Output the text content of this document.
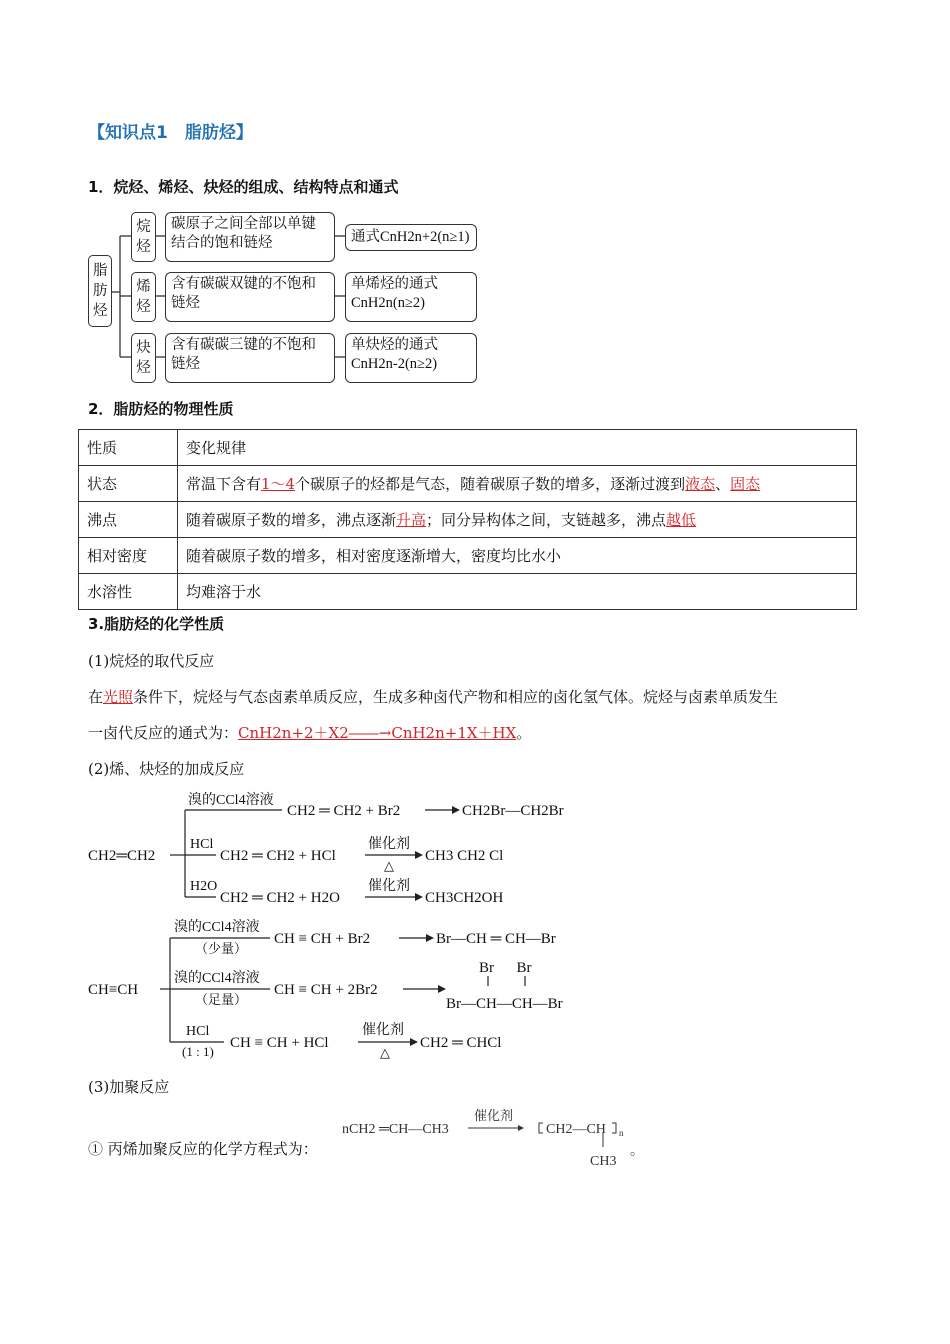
【知识点1　脂肪烃】
1．烷烃、烯烃、炔烃的组成、结构特点和通式
脂肪烃
烷烃
烯烃
炔烃
碳原子之间全部以单键
结合的饱和链烃
含有碳碳双键的不饱和
链烃
含有碳碳三键的不饱和
链烃
通式CnH2n+2(n≥1)
单烯烃的通式
CnH2n(n≥2)
单炔烃的通式
CnH2n-2(n≥2)
2．脂肪烃的物理性质
性质	变化规律
状态	常温下含有1～4个碳原子的烃都是气态，随着碳原子数的增多，逐渐过渡到液态、固态
沸点	随着碳原子数的增多，沸点逐渐升高；同分异构体之间，支链越多，沸点越低
相对密度	随着碳原子数的增多，相对密度逐渐增大，密度均比水小
水溶性	均难溶于水
3.脂肪烃的化学性质
(1)烷烃的取代反应
在光照条件下，烷烃与气态卤素单质反应，生成多种卤代产物和相应的卤化氢气体。烷烃与卤素单质发生
一卤代反应的通式为：CnH2n+2＋X2――→CnH2n+1X＋HX。
(2)烯、炔烃的加成反应
CH2═CH2
溴的CCl4溶液
CH2 ═ CH2 + Br2	CH2Br—CH2Br
HCl
CH2 ═ CH2 + HCl
催化剂
△
CH3 CH2 Cl
H2O
CH2 ═ CH2 + H2O
催化剂
CH3CH2OH
CH≡CH
溴的CCl4溶液
（少量）
CH ≡ CH + Br2	Br—CH ═ CH—Br
溴的CCl4溶液
（足量）
CH ≡ CH + 2Br2
Br      Br
Br—CH—CH—Br
HCl
(1 : 1)
CH ≡ CH + HCl
催化剂
△
CH2 ═ CHCl
(3)加聚反应
① 丙烯加聚反应的化学方程式为：
nCH2 ═CH—CH3
催化剂
CH2—CH n
CH3
。
